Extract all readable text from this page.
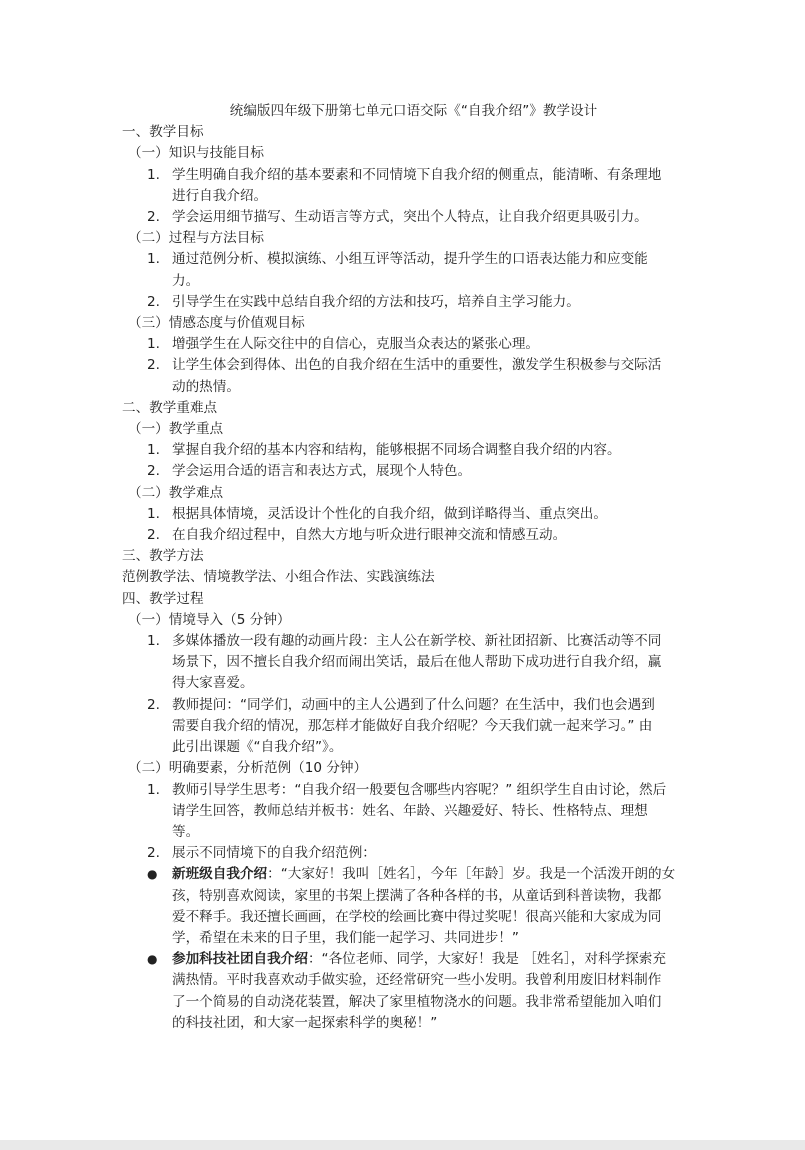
统编版四年级下册第七单元口语交际《“自我介绍”》教学设计
一、教学目标
（一）知识与技能目标
1. 学生明确自我介绍的基本要素和不同情境下自我介绍的侧重点，能清晰、有条理地
进行自我介绍。
2. 学会运用细节描写、生动语言等方式，突出个人特点，让自我介绍更具吸引力。
（二）过程与方法目标
1. 通过范例分析、模拟演练、小组互评等活动，提升学生的口语表达能力和应变能
力。
2. 引导学生在实践中总结自我介绍的方法和技巧，培养自主学习能力。
（三）情感态度与价值观目标
1. 增强学生在人际交往中的自信心，克服当众表达的紧张心理。
2. 让学生体会到得体、出色的自我介绍在生活中的重要性，激发学生积极参与交际活
动的热情。
二、教学重难点
（一）教学重点
1. 掌握自我介绍的基本内容和结构，能够根据不同场合调整自我介绍的内容。
2. 学会运用合适的语言和表达方式，展现个人特色。
（二）教学难点
1. 根据具体情境，灵活设计个性化的自我介绍，做到详略得当、重点突出。
2. 在自我介绍过程中，自然大方地与听众进行眼神交流和情感互动。
三、教学方法
范例教学法、情境教学法、小组合作法、实践演练法
四、教学过程
（一）情境导入（5 分钟）
1. 多媒体播放一段有趣的动画片段：主人公在新学校、新社团招新、比赛活动等不同
场景下，因不擅长自我介绍而闹出笑话，最后在他人帮助下成功进行自我介绍，赢
得大家喜爱。
2. 教师提问：“同学们，动画中的主人公遇到了什么问题？在生活中，我们也会遇到
需要自我介绍的情况，那怎样才能做好自我介绍呢？今天我们就一起来学习。” 由
此引出课题《“自我介绍”》。
（二）明确要素，分析范例（10 分钟）
1. 教师引导学生思考：“自我介绍一般要包含哪些内容呢？” 组织学生自由讨论，然后
请学生回答，教师总结并板书：姓名、年龄、兴趣爱好、特长、性格特点、理想
等。
2. 展示不同情境下的自我介绍范例：
● 新班级自我介绍：“大家好！我叫［姓名］，今年［年龄］岁。我是一个活泼开朗的女
孩，特别喜欢阅读，家里的书架上摆满了各种各样的书，从童话到科普读物，我都
爱不释手。我还擅长画画，在学校的绘画比赛中得过奖呢！很高兴能和大家成为同
学，希望在未来的日子里，我们能一起学习、共同进步！”
● 参加科技社团自我介绍：“各位老师、同学，大家好！我是 ［姓名］，对科学探索充
满热情。平时我喜欢动手做实验，还经常研究一些小发明。我曾利用废旧材料制作
了一个简易的自动浇花装置，解决了家里植物浇水的问题。我非常希望能加入咱们
的科技社团，和大家一起探索科学的奥秘！”
